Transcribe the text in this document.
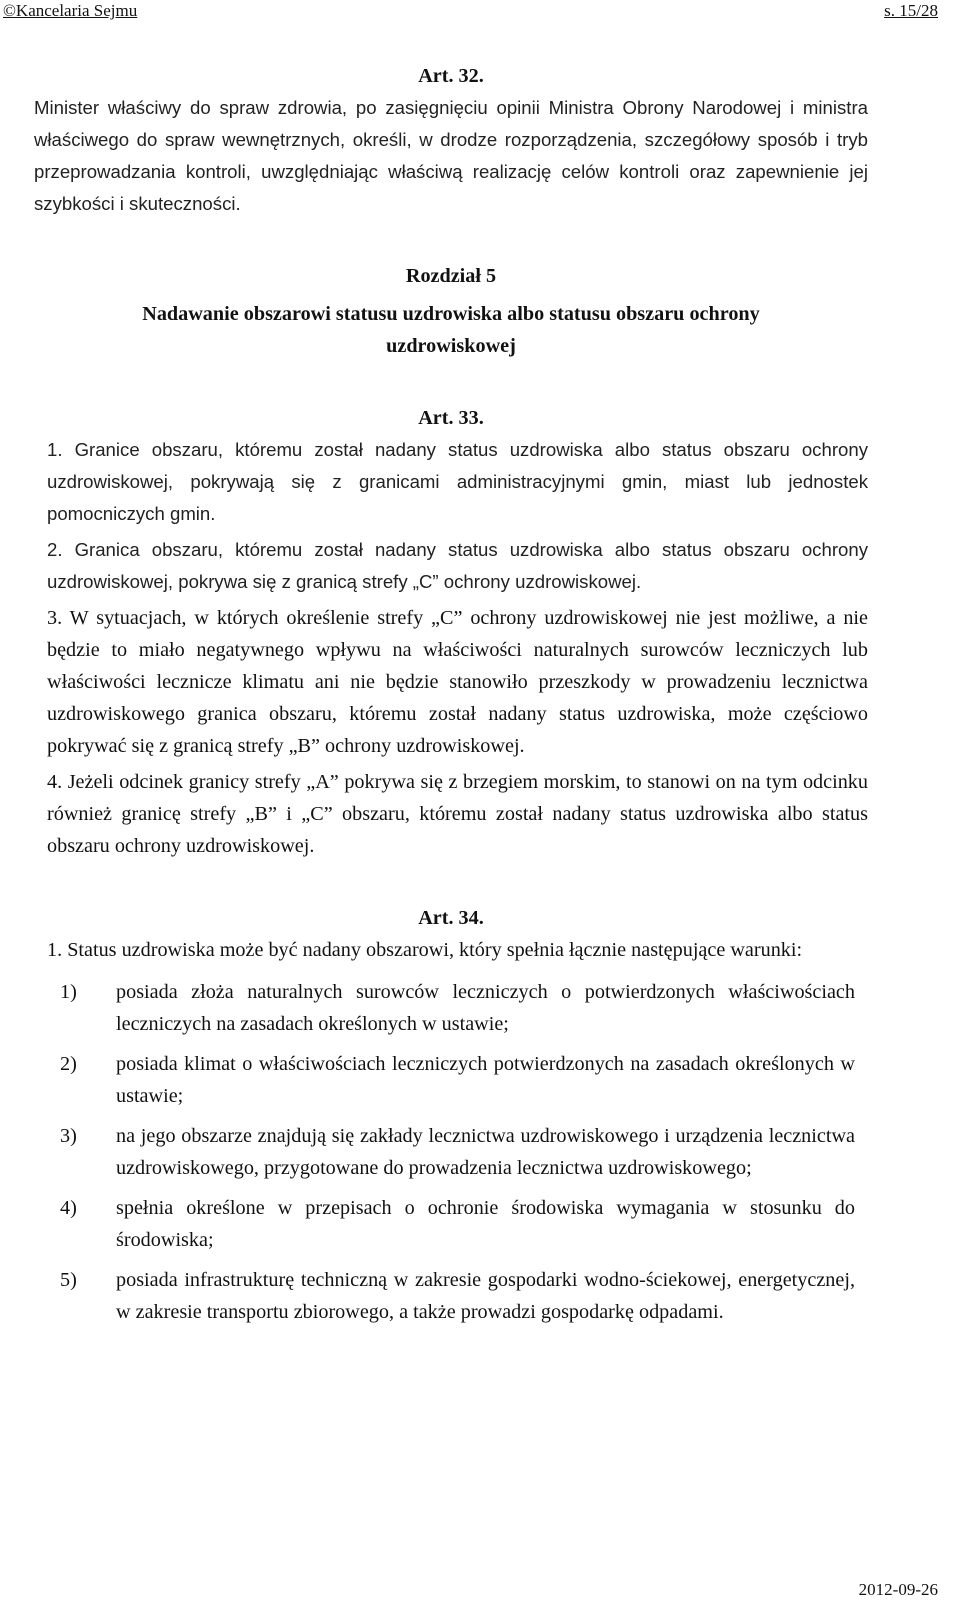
©Kancelaria Sejmu	s. 15/28

Art. 32.

Minister właściwy do spraw zdrowia, po zasięgnięciu opinii Ministra Obrony Narodowej i ministra właściwego do spraw wewnętrznych, określi, w drodze rozporządzenia, szczegółowy sposób i tryb przeprowadzania kontroli, uwzględniając właściwą realizację celów kontroli oraz zapewnienie jej szybkości i skuteczności.

Rozdział 5

Nadawanie obszarowi statusu uzdrowiska albo statusu obszaru ochrony uzdrowiskowej

Art. 33.

1. Granice obszaru, któremu został nadany status uzdrowiska albo status obszaru ochrony uzdrowiskowej, pokrywają się z granicami administracyjnymi gmin, miast lub jednostek pomocniczych gmin.

2. Granica obszaru, któremu został nadany status uzdrowiska albo status obszaru ochrony uzdrowiskowej, pokrywa się z granicą strefy „C” ochrony uzdrowiskowej.

3. W sytuacjach, w których określenie strefy „C” ochrony uzdrowiskowej nie jest możliwe, a nie będzie to miało negatywnego wpływu na właściwości naturalnych surowców leczniczych lub właściwości lecznicze klimatu ani nie będzie stanowiło przeszkody w prowadzeniu lecznictwa uzdrowiskowego granica obszaru, któremu został nadany status uzdrowiska, może częściowo pokrywać się z granicą strefy „B” ochrony uzdrowiskowej.

4. Jeżeli odcinek granicy strefy „A” pokrywa się z brzegiem morskim, to stanowi on na tym odcinku również granicę strefy „B” i „C” obszaru, któremu został nadany status uzdrowiska albo status obszaru ochrony uzdrowiskowej.

Art. 34.

1. Status uzdrowiska może być nadany obszarowi, który spełnia łącznie następujące warunki:

1)	posiada złoża naturalnych surowców leczniczych o potwierdzonych właściwościach leczniczych na zasadach określonych w ustawie;
2)	posiada klimat o właściwościach leczniczych potwierdzonych na zasadach określonych w ustawie;
3)	na jego obszarze znajdują się zakłady lecznictwa uzdrowiskowego i urządzenia lecznictwa uzdrowiskowego, przygotowane do prowadzenia lecznictwa uzdrowiskowego;
4)	spełnia określone w przepisach o ochronie środowiska wymagania w stosunku do środowiska;
5)	posiada infrastrukturę techniczną w zakresie gospodarki wodno-ściekowej, energetycznej, w zakresie transportu zbiorowego, a także prowadzi gospodarkę odpadami.
2012-09-26
